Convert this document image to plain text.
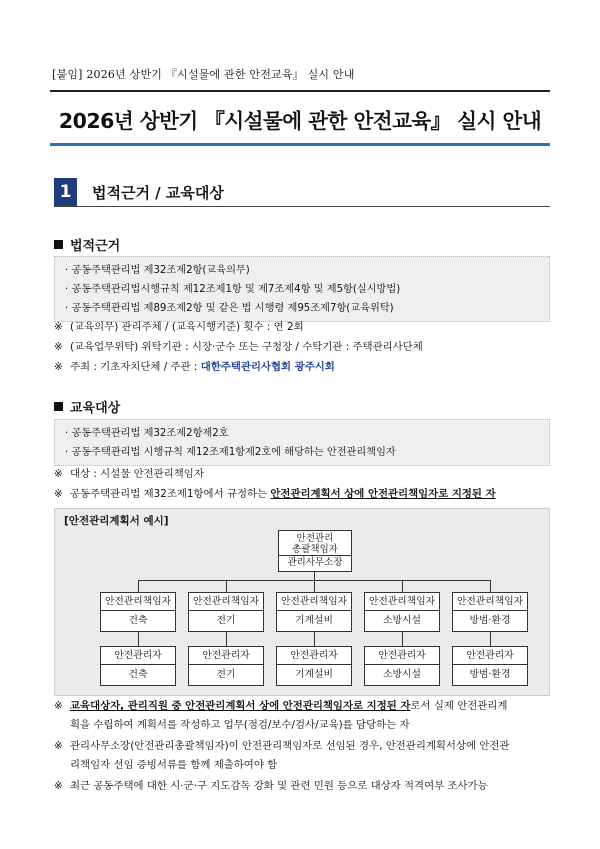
[붙임] 2026년 상반기 『시설물에 관한 안전교육』 실시 안내
2026년 상반기 『시설물에 관한 안전교육』 실시 안내
1	법적근거 / 교육대상
법적근거
· 공동주택관리법 제32조제2항(교육의무)
· 공동주택관리법시행규칙 제12조제1항 및 제7조제4항 및 제5항(실시방법)
· 공동주택관리법 제89조제2항 및 같은 법 시행령 제95조제7항(교육위탁)
※ (교육의무) 관리주체 / (교육시행기준) 횟수 : 연 2회
※ (교육업무위탁) 위탁기관 : 시장·군수 또는 구청장 / 수탁기관 : 주택관리사단체
※ 주최 : 기초자치단체 / 주관 : 대한주택관리사협회 광주시회
교육대상
· 공동주택관리법 제32조제2항제2호
· 공동주택관리법 시행규칙 제12조제1항제2호에 해당하는 안전관리책임자
※ 대상 : 시설물 안전관리책임자
※ 공동주택관리법 제32조제1항에서 규정하는 안전관리계획서 상에 안전관리책임자로 지정된 자
[안전관리계획서 예시]
안전관리
총괄책임자
관리사무소장
안전관리책임자
건축
안전관리책임자
전기
안전관리책임자
기계설비
안전관리책임자
소방시설
안전관리책임자
방범·환경
안전관리자
건축
안전관리자
전기
안전관리자
기계설비
안전관리자
소방시설
안전관리자
방범·환경
※ 교육대상자, 관리직원 중 안전관리계획서 상에 안전관리책임자로 지정된 자로서 실제 안전관리계
획을 수립하여 계획서를 작성하고 업무(점검/보수/검사/교육)를 담당하는 자
※ 관리사무소장(안전관리총괄책임자)이 안전관리책임자로 선임된 경우, 안전관리계획서상에 안전관
리책임자 선임 증빙서류를 함께 제출하여야 함
※ 최근 공동주택에 대한 시·군·구 지도감독 강화 및 관련 민원 등으로 대상자 적격여부 조사가능
